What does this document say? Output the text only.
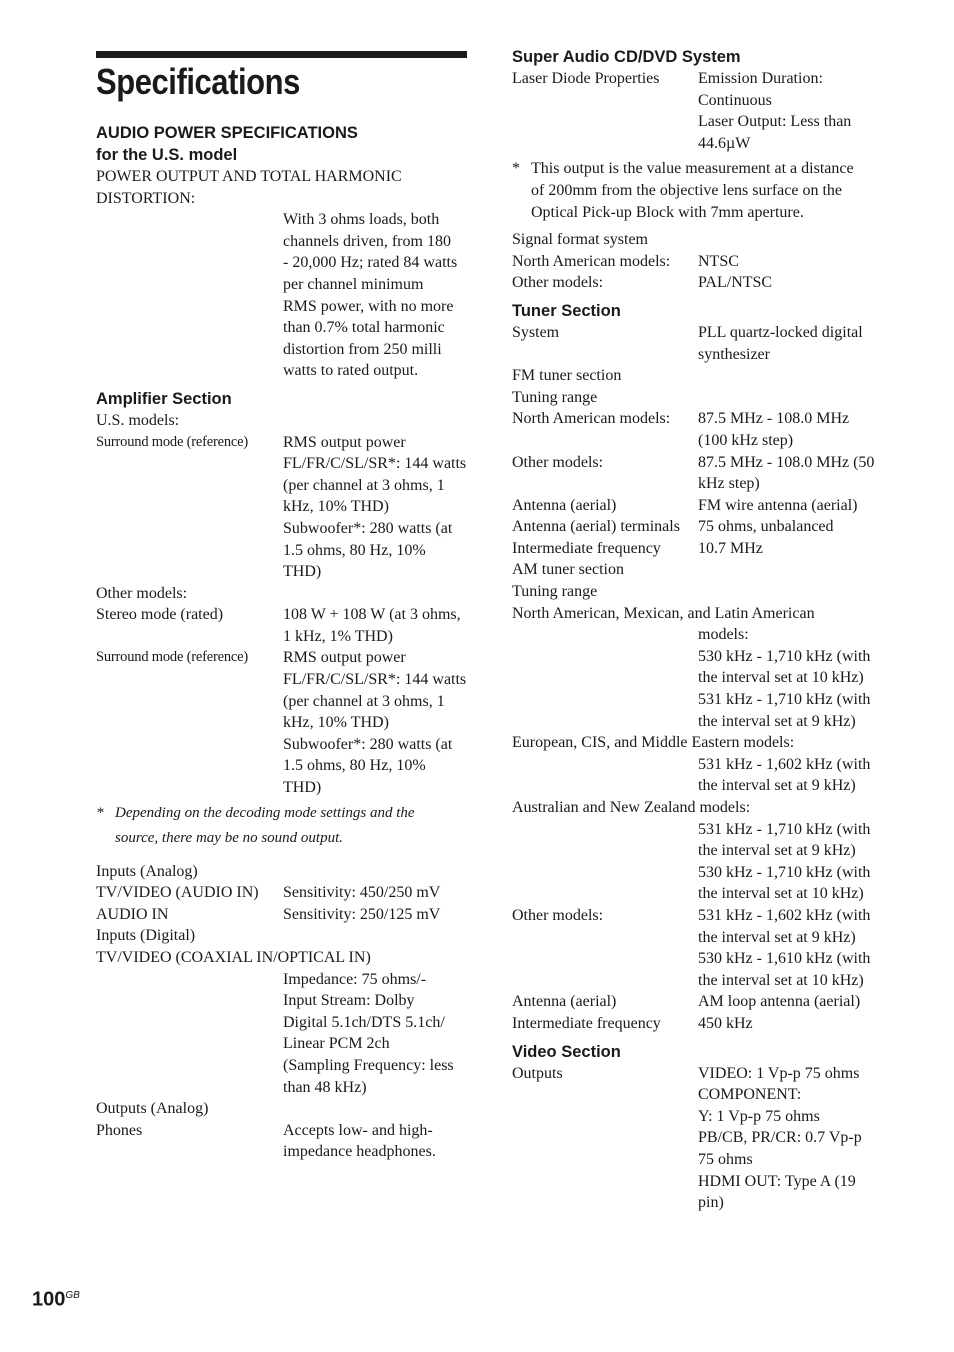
Specifications
AUDIO POWER SPECIFICATIONS
for the U.S. model
POWER OUTPUT AND TOTAL HARMONIC
DISTORTION:
With 3 ohms loads, both
channels driven, from 180
- 20,000 Hz; rated 84 watts
per channel minimum
RMS power, with no more
than 0.7% total harmonic
distortion from 250 milli
watts to rated output.
Amplifier Section
U.S. models:
Surround mode (reference)	RMS output power
FL/FR/C/SL/SR*: 144 watts
(per channel at 3 ohms, 1
kHz, 10% THD)
Subwoofer*: 280 watts (at
1.5 ohms, 80 Hz, 10%
THD)
Other models:
Stereo mode (rated)	108 W + 108 W (at 3 ohms,
1 kHz, 1% THD)
Surround mode (reference)	RMS output power
FL/FR/C/SL/SR*: 144 watts
(per channel at 3 ohms, 1
kHz, 10% THD)
Subwoofer*: 280 watts (at
1.5 ohms, 80 Hz, 10%
THD)
* Depending on the decoding mode settings and the
source, there may be no sound output.
Inputs (Analog)
TV/VIDEO (AUDIO IN)	Sensitivity: 450/250 mV
AUDIO IN	Sensitivity: 250/125 mV
Inputs (Digital)
TV/VIDEO (COAXIAL IN/OPTICAL IN)
Impedance: 75 ohms/-
Input Stream: Dolby
Digital 5.1ch/DTS 5.1ch/
Linear PCM 2ch
(Sampling Frequency: less
than 48 kHz)
Outputs (Analog)
Phones	Accepts low- and high-
impedance headphones.
Super Audio CD/DVD System
Laser Diode Properties	Emission Duration:
Continuous
Laser Output: Less than
44.6µW
* This output is the value measurement at a distance
of 200mm from the objective lens surface on the
Optical Pick-up Block with 7mm aperture.
Signal format system
North American models:	NTSC
Other models:	PAL/NTSC
Tuner Section
System	PLL quartz-locked digital
synthesizer
FM tuner section
Tuning range
North American models:	87.5 MHz - 108.0 MHz
(100 kHz step)
Other models:	87.5 MHz - 108.0 MHz (50
kHz step)
Antenna (aerial)	FM wire antenna (aerial)
Antenna (aerial) terminals	75 ohms, unbalanced
Intermediate frequency	10.7 MHz
AM tuner section
Tuning range
North American, Mexican, and Latin American
models:
530 kHz - 1,710 kHz (with
the interval set at 10 kHz)
531 kHz - 1,710 kHz (with
the interval set at 9 kHz)
European, CIS, and Middle Eastern models:
531 kHz - 1,602 kHz (with
the interval set at 9 kHz)
Australian and New Zealand models:
531 kHz - 1,710 kHz (with
the interval set at 9 kHz)
530 kHz - 1,710 kHz (with
the interval set at 10 kHz)
Other models:	531 kHz - 1,602 kHz (with
the interval set at 9 kHz)
530 kHz - 1,610 kHz (with
the interval set at 10 kHz)
Antenna (aerial)	AM loop antenna (aerial)
Intermediate frequency	450 kHz
Video Section
Outputs	VIDEO: 1 Vp-p 75 ohms
COMPONENT:
Y: 1 Vp-p 75 ohms
PB/CB, PR/CR: 0.7 Vp-p
75 ohms
HDMI OUT: Type A (19
pin)
$100^{GB}$
